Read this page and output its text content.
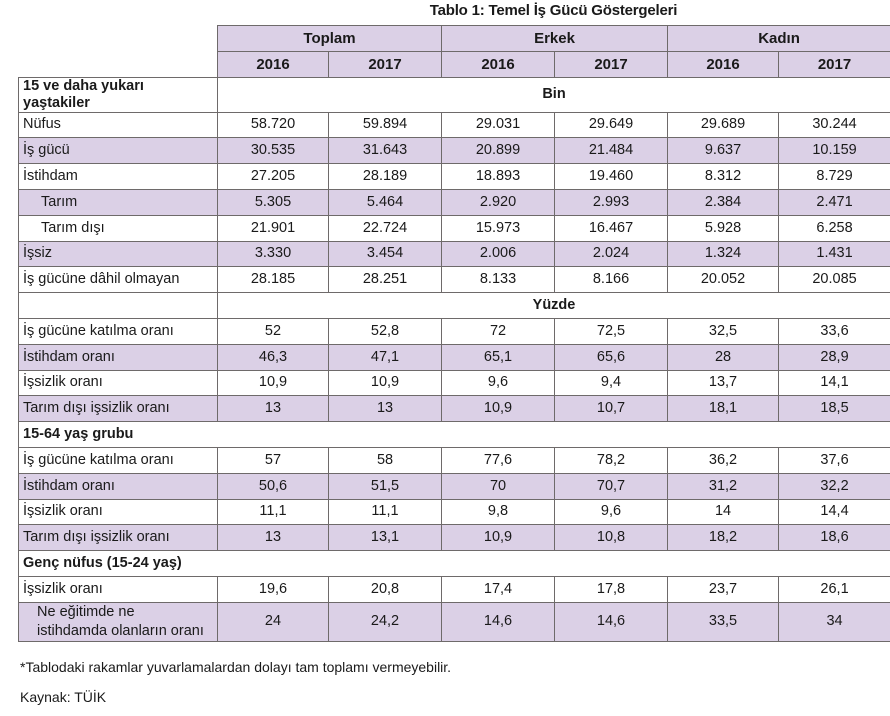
Tablo 1: Temel İş Gücü Göstergeleri
	Toplam		Erkek		Kadın	
	2016	2017	2016	2017	2016	2017
15 ve daha yukarı yaştakiler	Bin					
Nüfus	58.720	59.894	29.031	29.649	29.689	30.244
İş gücü	30.535	31.643	20.899	21.484	9.637	10.159
İstihdam	27.205	28.189	18.893	19.460	8.312	8.729
Tarım	5.305	5.464	2.920	2.993	2.384	2.471
Tarım dışı	21.901	22.724	15.973	16.467	5.928	6.258
İşsiz	3.330	3.454	2.006	2.024	1.324	1.431
İş gücüne dâhil olmayan	28.185	28.251	8.133	8.166	20.052	20.085
	Yüzde					
İş gücüne katılma oranı	52	52,8	72	72,5	32,5	33,6
İstihdam oranı	46,3	47,1	65,1	65,6	28	28,9
İşsizlik oranı	10,9	10,9	9,6	9,4	13,7	14,1
Tarım dışı işsizlik oranı	13	13	10,9	10,7	18,1	18,5
15-64 yaş grubu						
İş gücüne katılma oranı	57	58	77,6	78,2	36,2	37,6
İstihdam oranı	50,6	51,5	70	70,7	31,2	32,2
İşsizlik oranı	11,1	11,1	9,8	9,6	14	14,4
Tarım dışı işsizlik oranı	13	13,1	10,9	10,8	18,2	18,6
Genç nüfus (15-24 yaş)						
İşsizlik oranı	19,6	20,8	17,4	17,8	23,7	26,1

Ne eğitimde ne
istihdamda olanların oranı	24	24,2	14,6	14,6	33,5	34
*Tablodaki rakamlar yuvarlamalardan dolayı tam toplamı vermeyebilir.
Kaynak: TÜİK
